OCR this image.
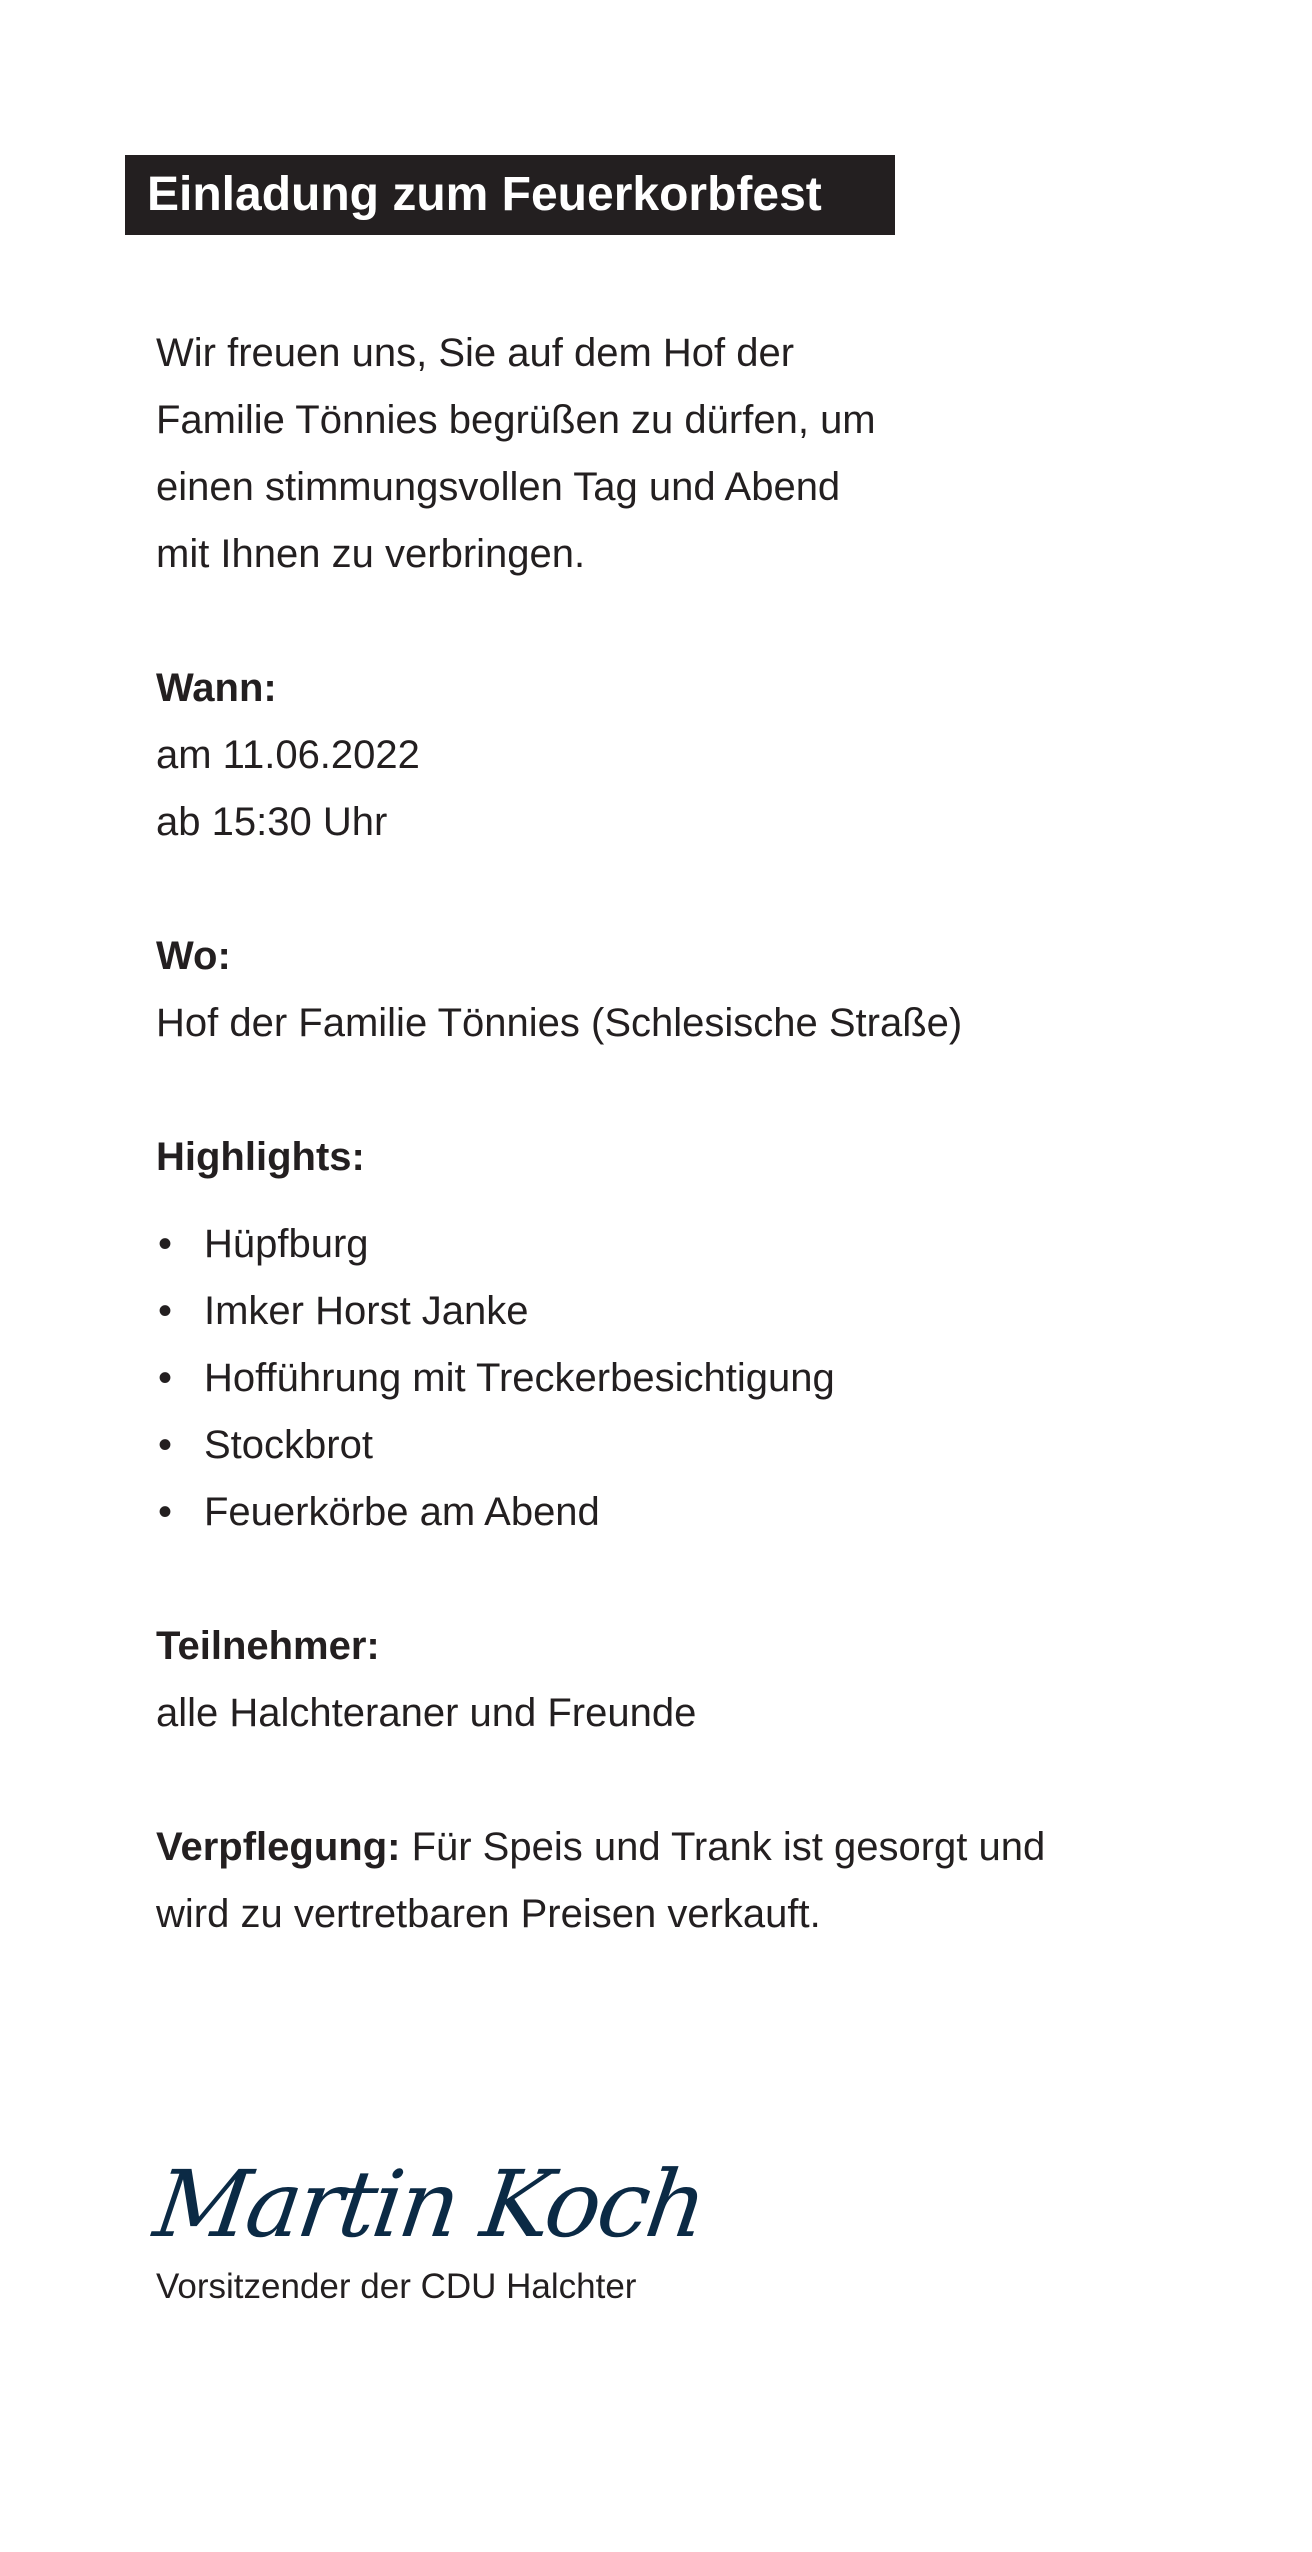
Einladung zum Feuerkorbfest

Wir freuen uns, Sie auf dem Hof der
Familie Tönnies begrüßen zu dürfen, um
einen stimmungsvollen Tag und Abend
mit Ihnen zu verbringen.

Wann:
am 11.06.2022
ab 15:30 Uhr
Wo:
Hof der Familie Tönnies (Schlesische Straße)
Highlights:
• Hüpfburg
• Imker Horst Janke
• Hofführung mit Treckerbesichtigung
• Stockbrot
• Feuerkörbe am Abend
Teilnehmer:
alle Halchteraner und Freunde
Verpflegung: Für Speis und Trank ist gesorgt und
wird zu vertretbaren Preisen verkauft.
Martin Koch
Vorsitzender der CDU Halchter
